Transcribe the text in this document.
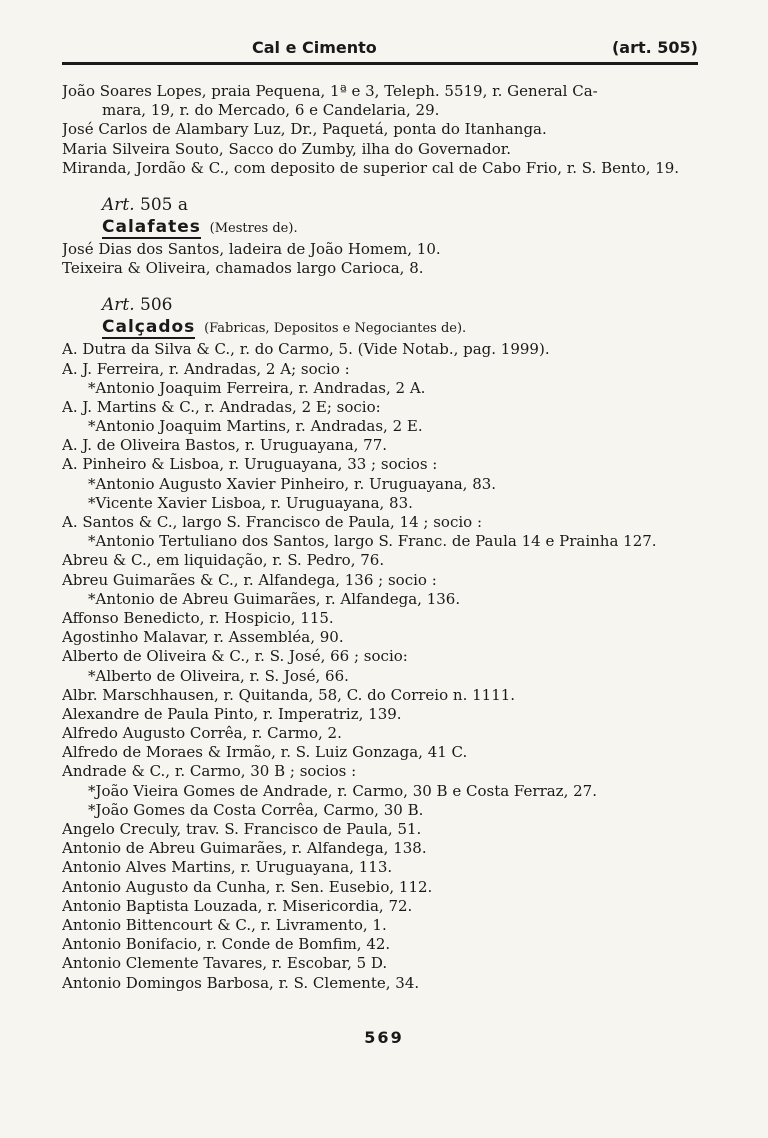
Cal e Cimento	(art. 505)
João Soares Lopes, praia Pequena, 1ª e 3, Teleph. 5519, r. General Ca-
mara, 19, r. do Mercado, 6 e Candelaria, 29.
José Carlos de Alambary Luz, Dr., Paquetá, ponta do Itanhanga.
Maria Silveira Souto, Sacco do Zumby, ilha do Governador.
Miranda, Jordão & C., com deposito de superior cal de Cabo Frio, r. S. Bento, 19.
Art. 505 a
Calafates (Mestres de).
José Dias dos Santos, ladeira de João Homem, 10.
Teixeira & Oliveira, chamados largo Carioca, 8.
Art. 506
Calçados (Fabricas, Depositos e Negociantes de).
A. Dutra da Silva & C., r. do Carmo, 5. (Vide Notab., pag. 1999).
A. J. Ferreira, r. Andradas, 2 A; socio :
*Antonio Joaquim Ferreira, r. Andradas, 2 A.
A. J. Martins & C., r. Andradas, 2 E; socio:
*Antonio Joaquim Martins, r. Andradas, 2 E.
A. J. de Oliveira Bastos, r. Uruguayana, 77.
A. Pinheiro & Lisboa, r. Uruguayana, 33 ; socios :
*Antonio Augusto Xavier Pinheiro, r. Uruguayana, 83.
*Vicente Xavier Lisboa, r. Uruguayana, 83.
A. Santos & C., largo S. Francisco de Paula, 14 ; socio :
*Antonio Tertuliano dos Santos, largo S. Franc. de Paula 14 e Prainha 127.
Abreu & C., em liquidação, r. S. Pedro, 76.
Abreu Guimarães & C., r. Alfandega, 136 ; socio :
*Antonio de Abreu Guimarães, r. Alfandega, 136.
Affonso Benedicto, r. Hospicio, 115.
Agostinho Malavar, r. Assembléa, 90.
Alberto de Oliveira & C., r. S. José, 66 ; socio:
*Alberto de Oliveira, r. S. José, 66.
Albr. Marschhausen, r. Quitanda, 58, C. do Correio n. 1111.
Alexandre de Paula Pinto, r. Imperatriz, 139.
Alfredo Augusto Corrêa, r. Carmo, 2.
Alfredo de Moraes & Irmão, r. S. Luiz Gonzaga, 41 C.
Andrade & C., r. Carmo, 30 B ; socios :
*João Vieira Gomes de Andrade, r. Carmo, 30 B e Costa Ferraz, 27.
*João Gomes da Costa Corrêa, Carmo, 30 B.
Angelo Creculy, trav. S. Francisco de Paula, 51.
Antonio de Abreu Guimarães, r. Alfandega, 138.
Antonio Alves Martins, r. Uruguayana, 113.
Antonio Augusto da Cunha, r. Sen. Eusebio, 112.
Antonio Baptista Louzada, r. Misericordia, 72.
Antonio Bittencourt & C., r. Livramento, 1.
Antonio Bonifacio, r. Conde de Bomfim, 42.
Antonio Clemente Tavares, r. Escobar, 5 D.
Antonio Domingos Barbosa, r. S. Clemente, 34.
569
